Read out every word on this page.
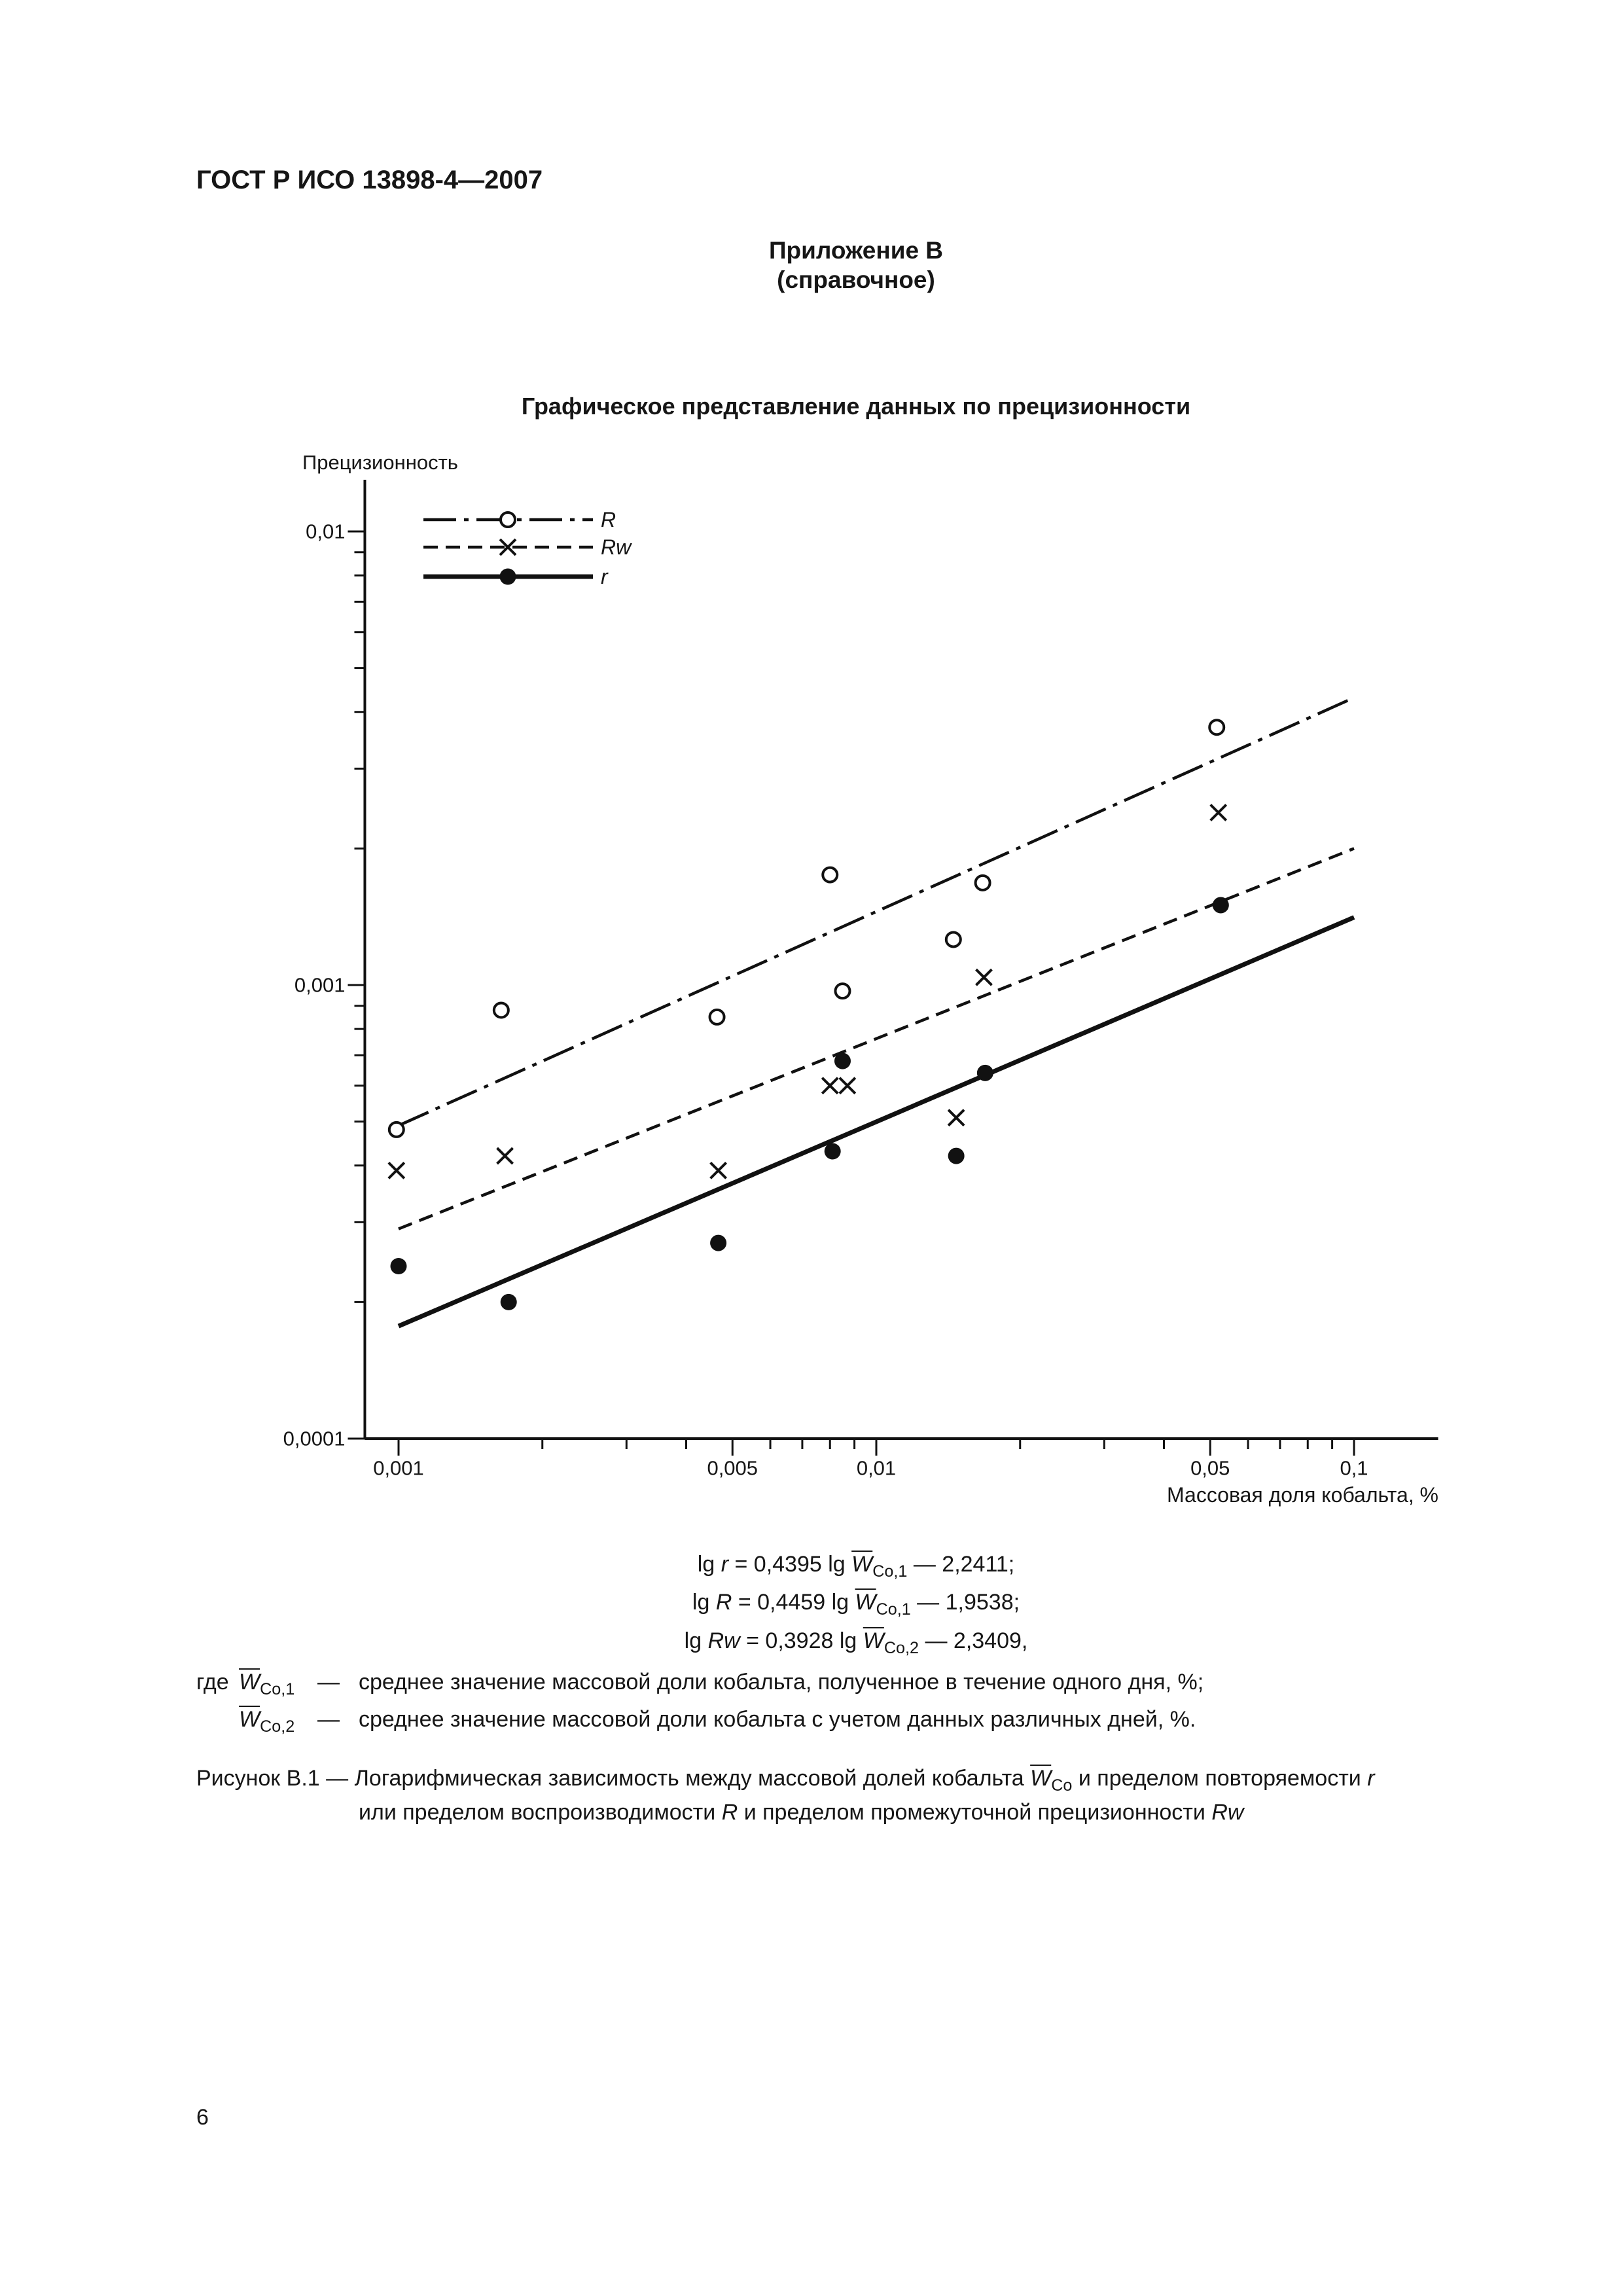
0,001	0,005	0,01	0,05	0,1
0,0001
0,001
0,01	R
Rw
r
ГОСТ Р ИСО 13898-4—2007
Приложение В
(справочное)
Графическое представление данных по прецизионности
Прецизионность
Массовая доля кобальта, %
lg r = 0,4395 $\lg \overline{W}_{Co,1}$ — 2,2411;
lg R = 0,4459 $\lg \overline{W}_{Co,1}$ — 1,9538;
lg Rw = 0,3928 $\lg \overline{W}_{Co,2}$ — 2,3409,
где $\overline{W}_{Co,1}$ — среднее значение массовой доли кобальта, полученное в течение одного дня, %;
$\overline{W}_{Co,2}$ — среднее значение массовой доли кобальта с учетом данных различных дней, %.
Рисунок В.1 — Логарифмическая зависимость между массовой долей кобальта $\overline{W}_{Co}$ и пределом повторяемости r
или пределом воспроизводимости R и пределом промежуточной прецизионности Rw
6
